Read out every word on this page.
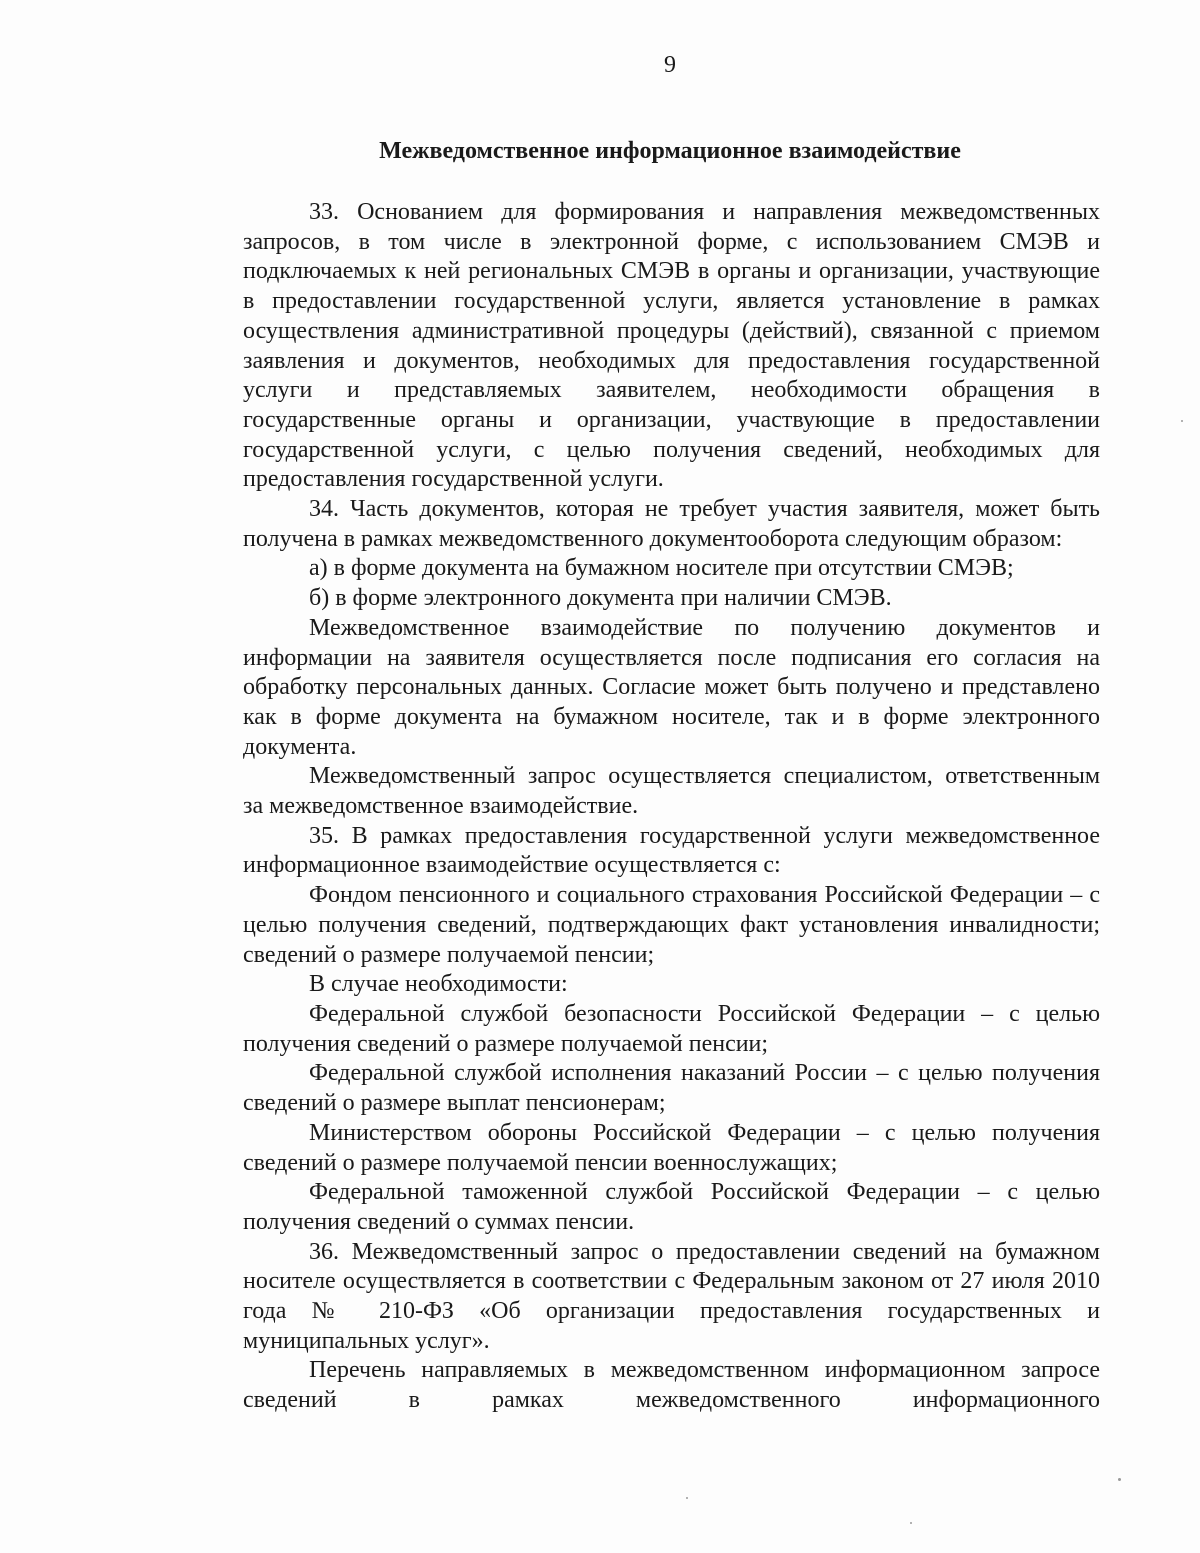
9
Межведомственное информационное взаимодействие

33. Основанием для формирования и направления межведомственных запросов, в том числе в электронной форме, с использованием СМЭВ и подключаемых к ней региональных СМЭВ в органы и организации, участвующие в предоставлении государственной услуги, является установление в рамках осуществления административной процедуры (действий), связанной с приемом заявления и документов, необходимых для предоставления государственной услуги и представляемых заявителем, необходимости обращения в государственные органы и организации, участвующие в предоставлении государственной услуги, с целью получения сведений, необходимых для предоставления государственной услуги.

34. Часть документов, которая не требует участия заявителя, может быть получена в рамках межведомственного документооборота следующим образом:

а) в форме документа на бумажном носителе при отсутствии СМЭВ;

б) в форме электронного документа при наличии СМЭВ.

Межведомственное взаимодействие по получению документов и информации на заявителя осуществляется после подписания его согласия на обработку персональных данных. Согласие может быть получено и представлено как в форме документа на бумажном носителе, так и в форме электронного документа.

Межведомственный запрос осуществляется специалистом, ответственным за межведомственное взаимодействие.

35. В рамках предоставления государственной услуги межведомственное информационное взаимодействие осуществляется с:

Фондом пенсионного и социального страхования Российской Федерации – с целью получения сведений, подтверждающих факт установления инвалидности; сведений о размере получаемой пенсии;

В случае необходимости:

Федеральной службой безопасности Российской Федерации – с целью получения сведений о размере получаемой пенсии;

Федеральной службой исполнения наказаний России – с целью получения сведений о размере выплат пенсионерам;

Министерством обороны Российской Федерации – с целью получения сведений о размере получаемой пенсии военнослужащих;

Федеральной таможенной службой Российской Федерации – с целью получения сведений о суммах пенсии.

36. Межведомственный запрос о предоставлении сведений на бумажном носителе осуществляется в соответствии с Федеральным законом от 27 июля 2010 года № 210-ФЗ «Об организации предоставления государственных и муниципальных услуг».

Перечень направляемых в межведомственном информационном запросе сведений в рамках межведомственного информационного
